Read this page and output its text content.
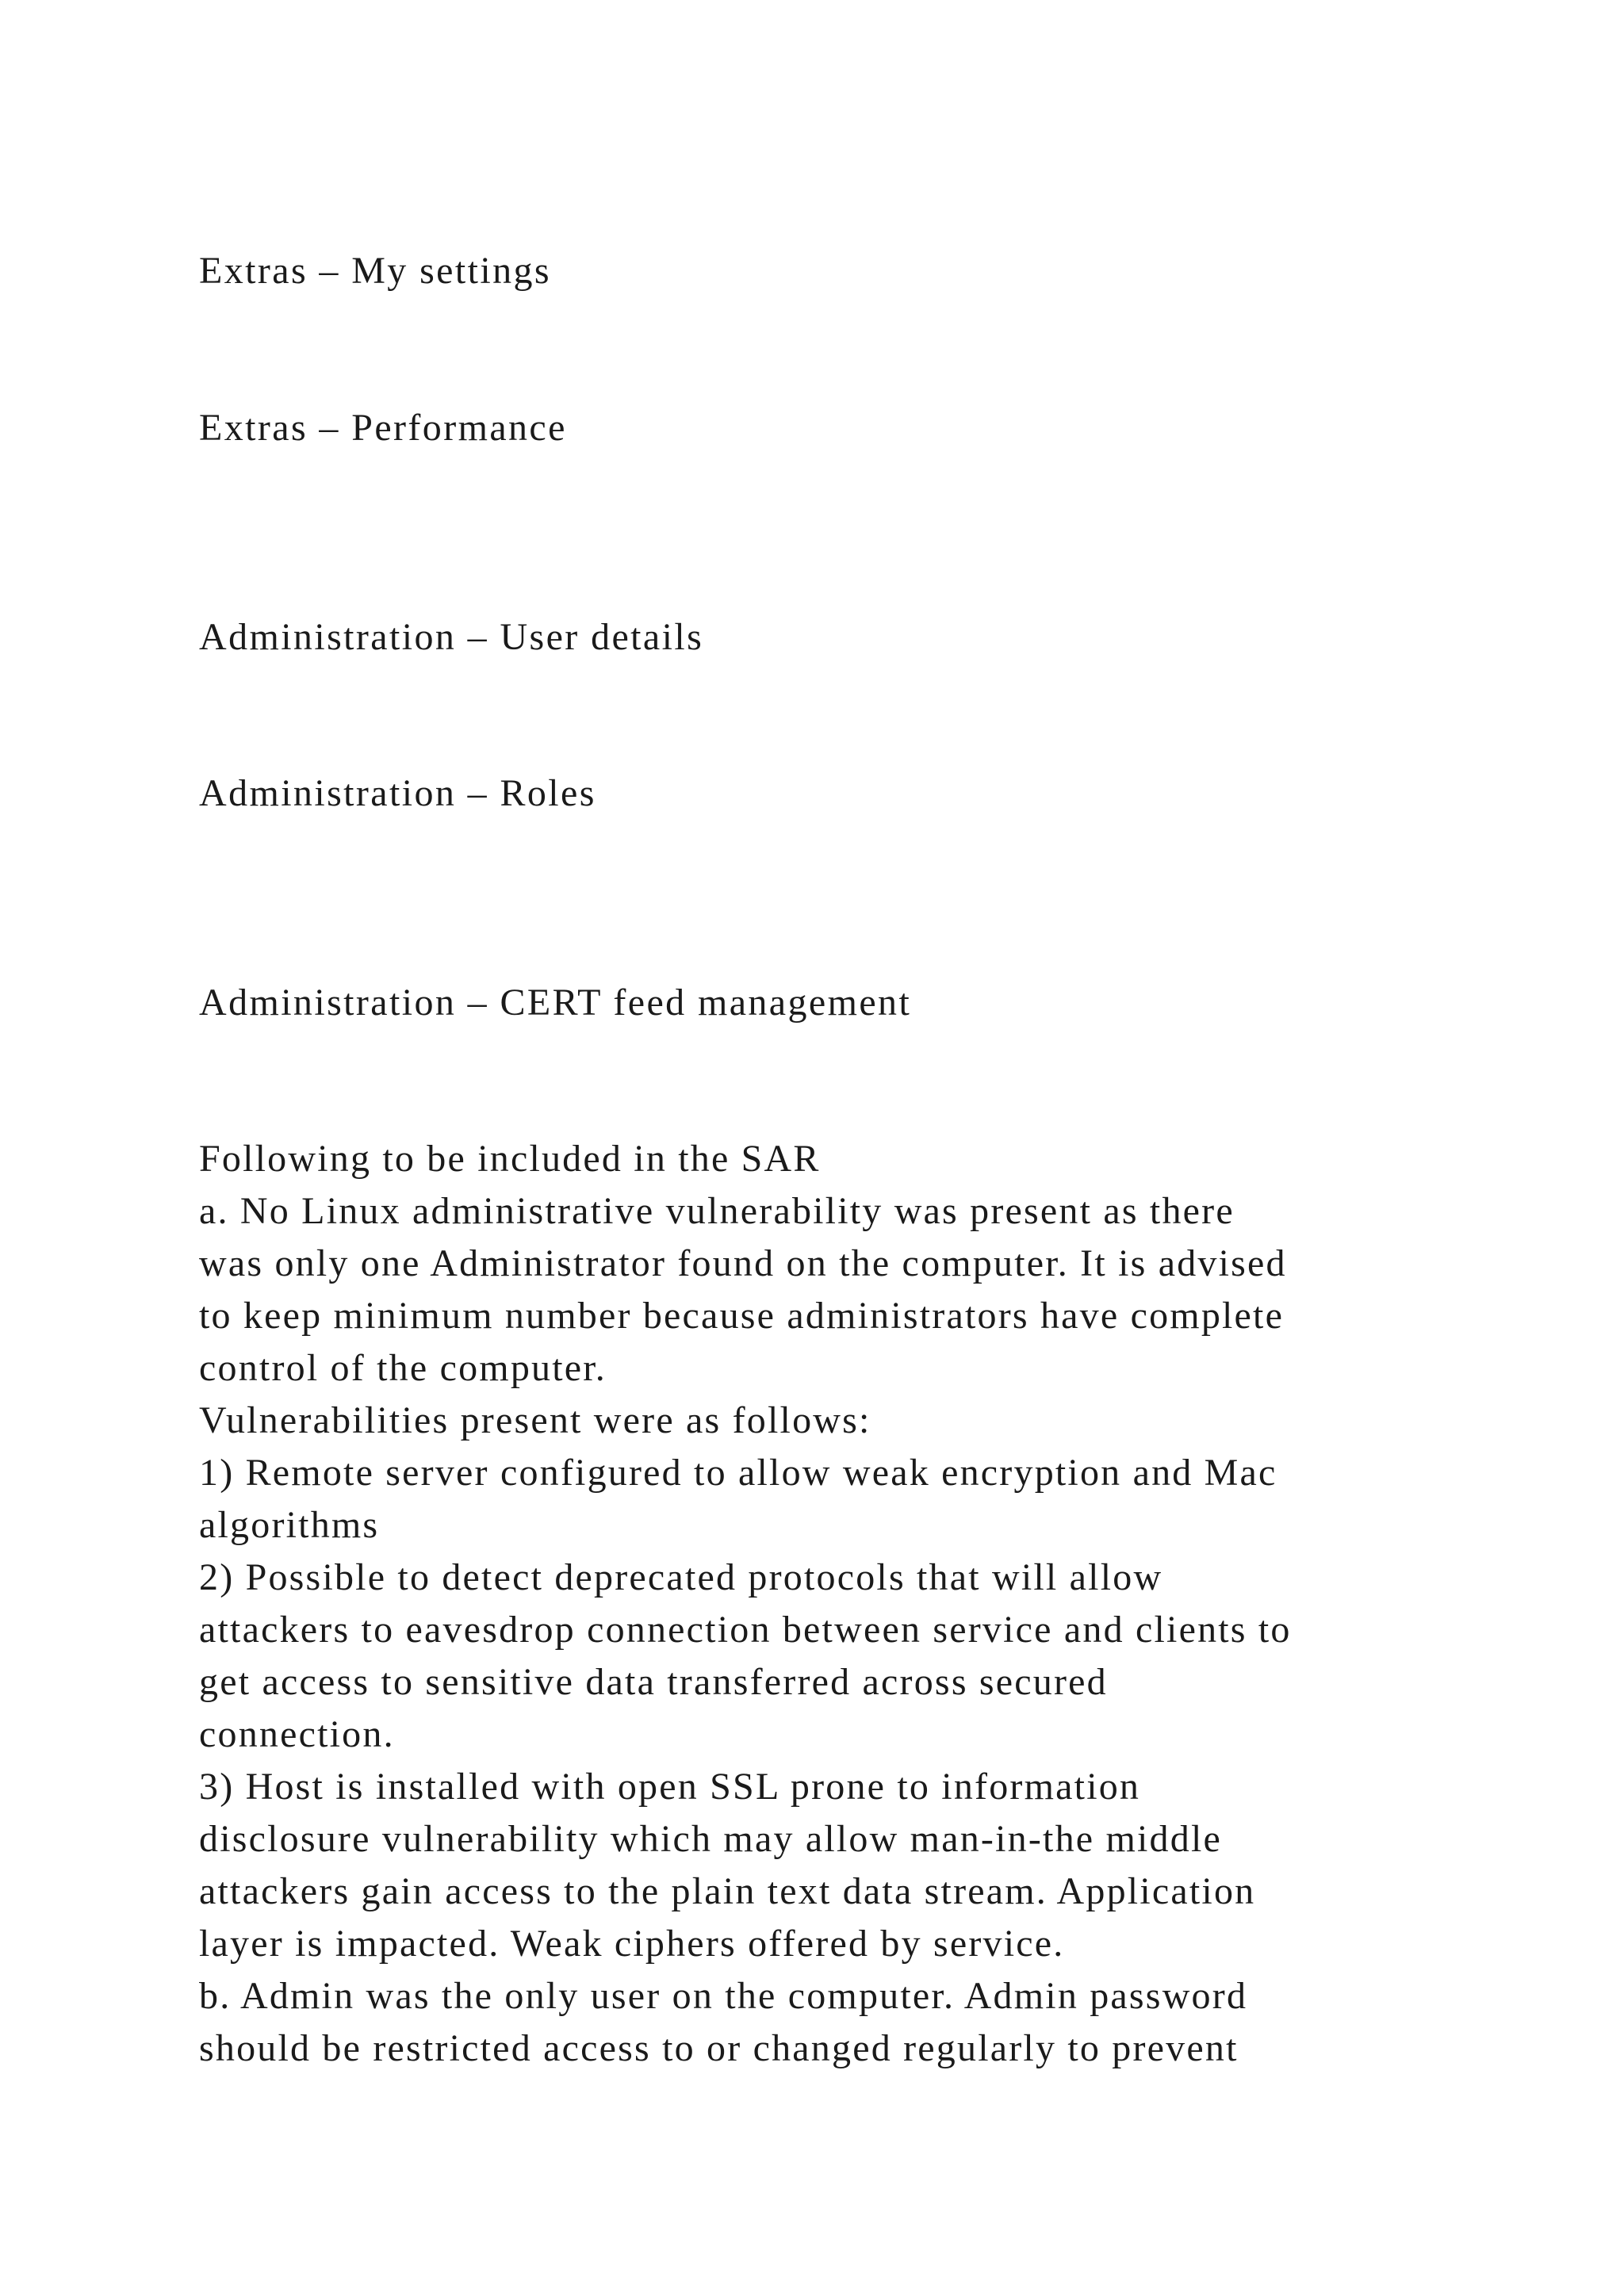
Extras – My settings

Extras – Performance

Administration – User details

Administration – Roles

Administration – CERT feed management

Following to be included in the SAR

a. No Linux administrative vulnerability was present as there

was only one Administrator found on the computer. It is advised

to keep minimum number because administrators have complete

control of the computer.

Vulnerabilities present were as follows:

1) Remote server configured to allow weak encryption and Mac

algorithms

2) Possible to detect deprecated protocols that will allow

attackers to eavesdrop connection between service and clients to

get access to sensitive data transferred across secured

connection.

3) Host is installed with open SSL prone to information

disclosure vulnerability which may allow man-in-the middle

attackers gain access to the plain text data stream. Application

layer is impacted. Weak ciphers offered by service.

b. Admin was the only user on the computer. Admin password

should be restricted access to or changed regularly to prevent
